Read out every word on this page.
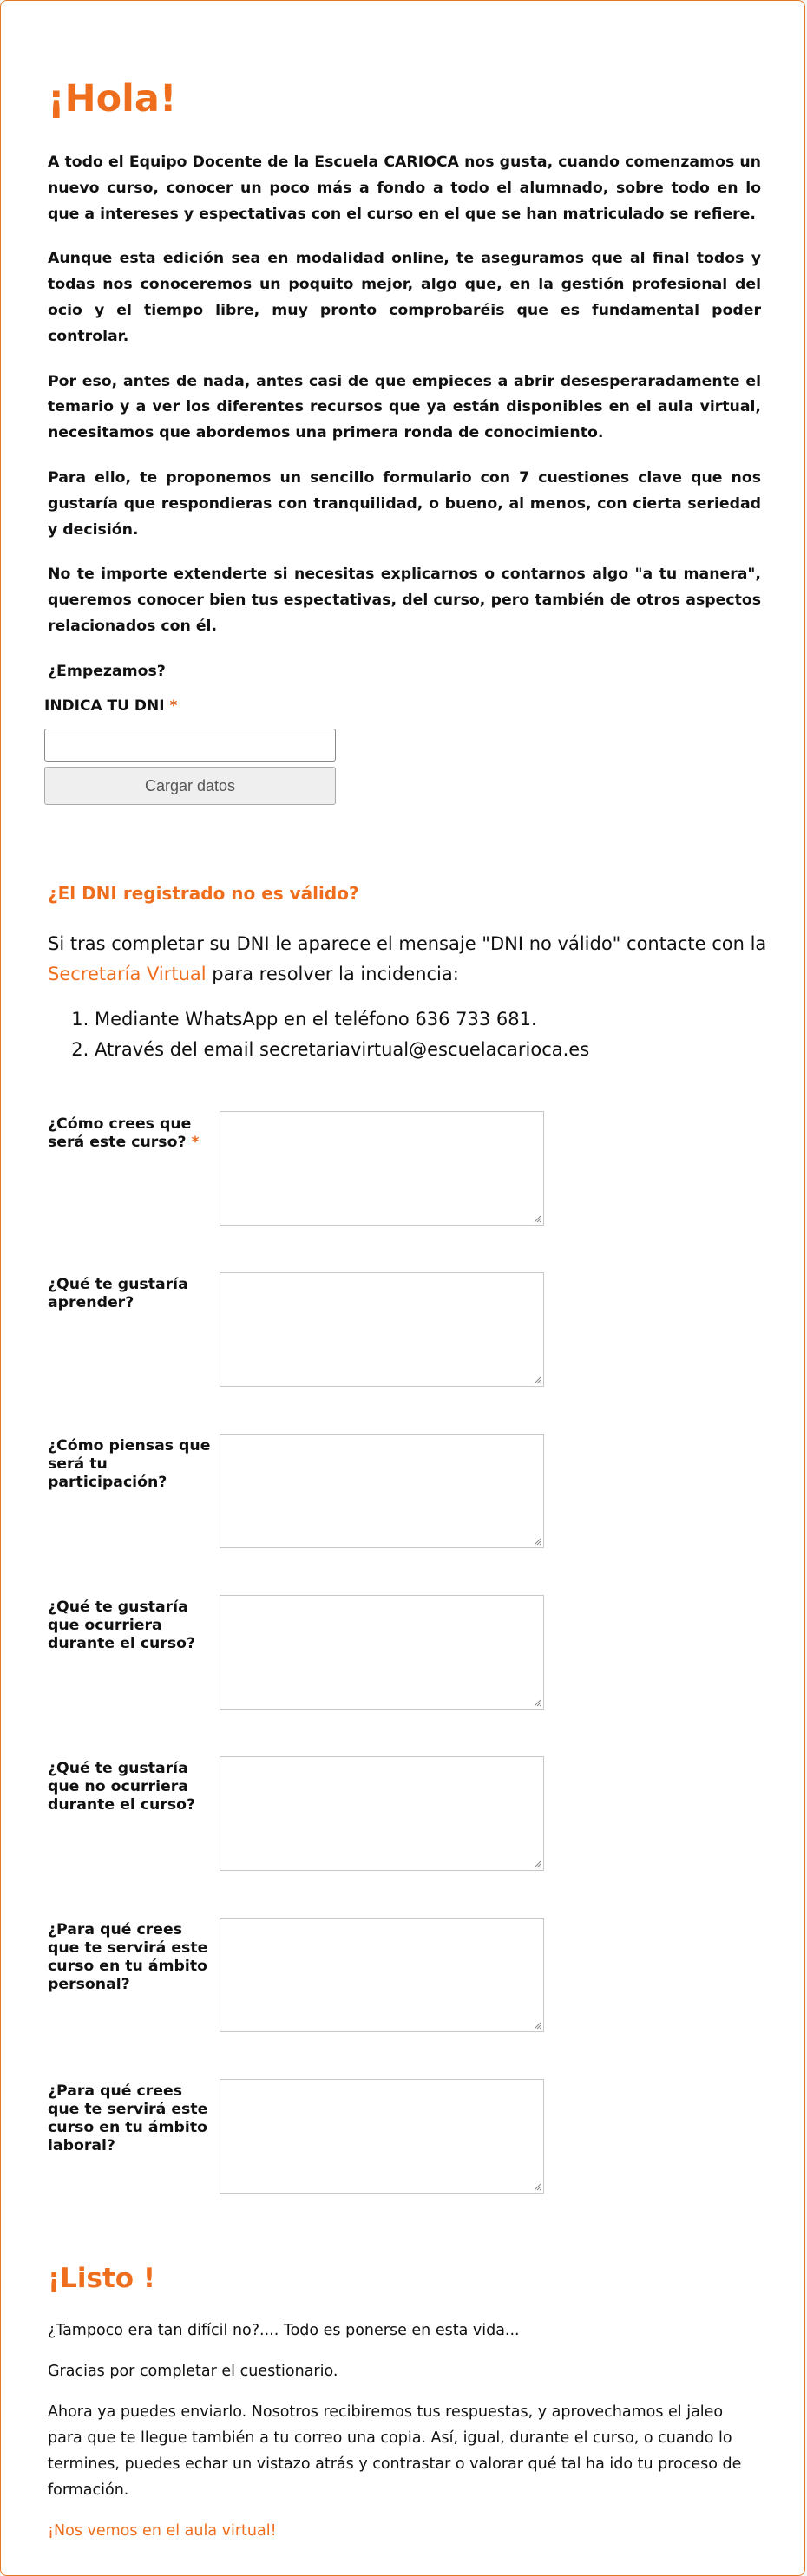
¡Hola!

A todo el Equipo Docente de la Escuela CARIOCA nos gusta, cuando comenzamos un nuevo curso, conocer un poco más a fondo a todo el alumnado, sobre todo en lo que a intereses y espectativas con el curso en el que se han matriculado se refiere.

Aunque esta edición sea en modalidad online, te aseguramos que al final todos y todas nos conoceremos un poquito mejor, algo que, en la gestión profesional del ocio y el tiempo libre, muy pronto comprobaréis que es fundamental poder controlar.

Por eso, antes de nada, antes casi de que empieces a abrir desesperaradamente el temario y a ver los diferentes recursos que ya están disponibles en el aula virtual, necesitamos que abordemos una primera ronda de conocimiento.

Para ello, te proponemos un sencillo formulario con 7 cuestiones clave que nos gustaría que respondieras con tranquilidad, o bueno, al menos, con cierta seriedad y decisión.

No te importe extenderte si necesitas explicarnos o contarnos algo "a tu manera", queremos conocer bien tus espectativas, del curso, pero también de otros aspectos relacionados con él.

¿Empezamos?

INDICA TU DNI *
Cargar datos
¿El DNI registrado no es válido?
Si tras completar su DNI le aparece el mensaje "DNI no válido" contacte con la Secretaría Virtual para resolver la incidencia:
1. Mediante WhatsApp en el teléfono 636 733 681.
2. Através del email secretariavirtual@escuelacarioca.es
¿Cómo crees que será este curso? *
¿Qué te gustaría aprender?
¿Cómo piensas que será tu participación?
¿Qué te gustaría que ocurriera durante el curso?
¿Qué te gustaría que no ocurriera durante el curso?
¿Para qué crees que te servirá este curso en tu ámbito personal?
¿Para qué crees que te servirá este curso en tu ámbito laboral?
¡Listo !

¿Tampoco era tan difícil no?.... Todo es ponerse en esta vida...

Gracias por completar el cuestionario.

Ahora ya puedes enviarlo. Nosotros recibiremos tus respuestas, y aprovechamos el jaleo para que te llegue también a tu correo una copia. Así, igual, durante el curso, o cuando lo termines, puedes echar un vistazo atrás y contrastar o valorar qué tal ha ido tu proceso de formación.

¡Nos vemos en el aula virtual!
